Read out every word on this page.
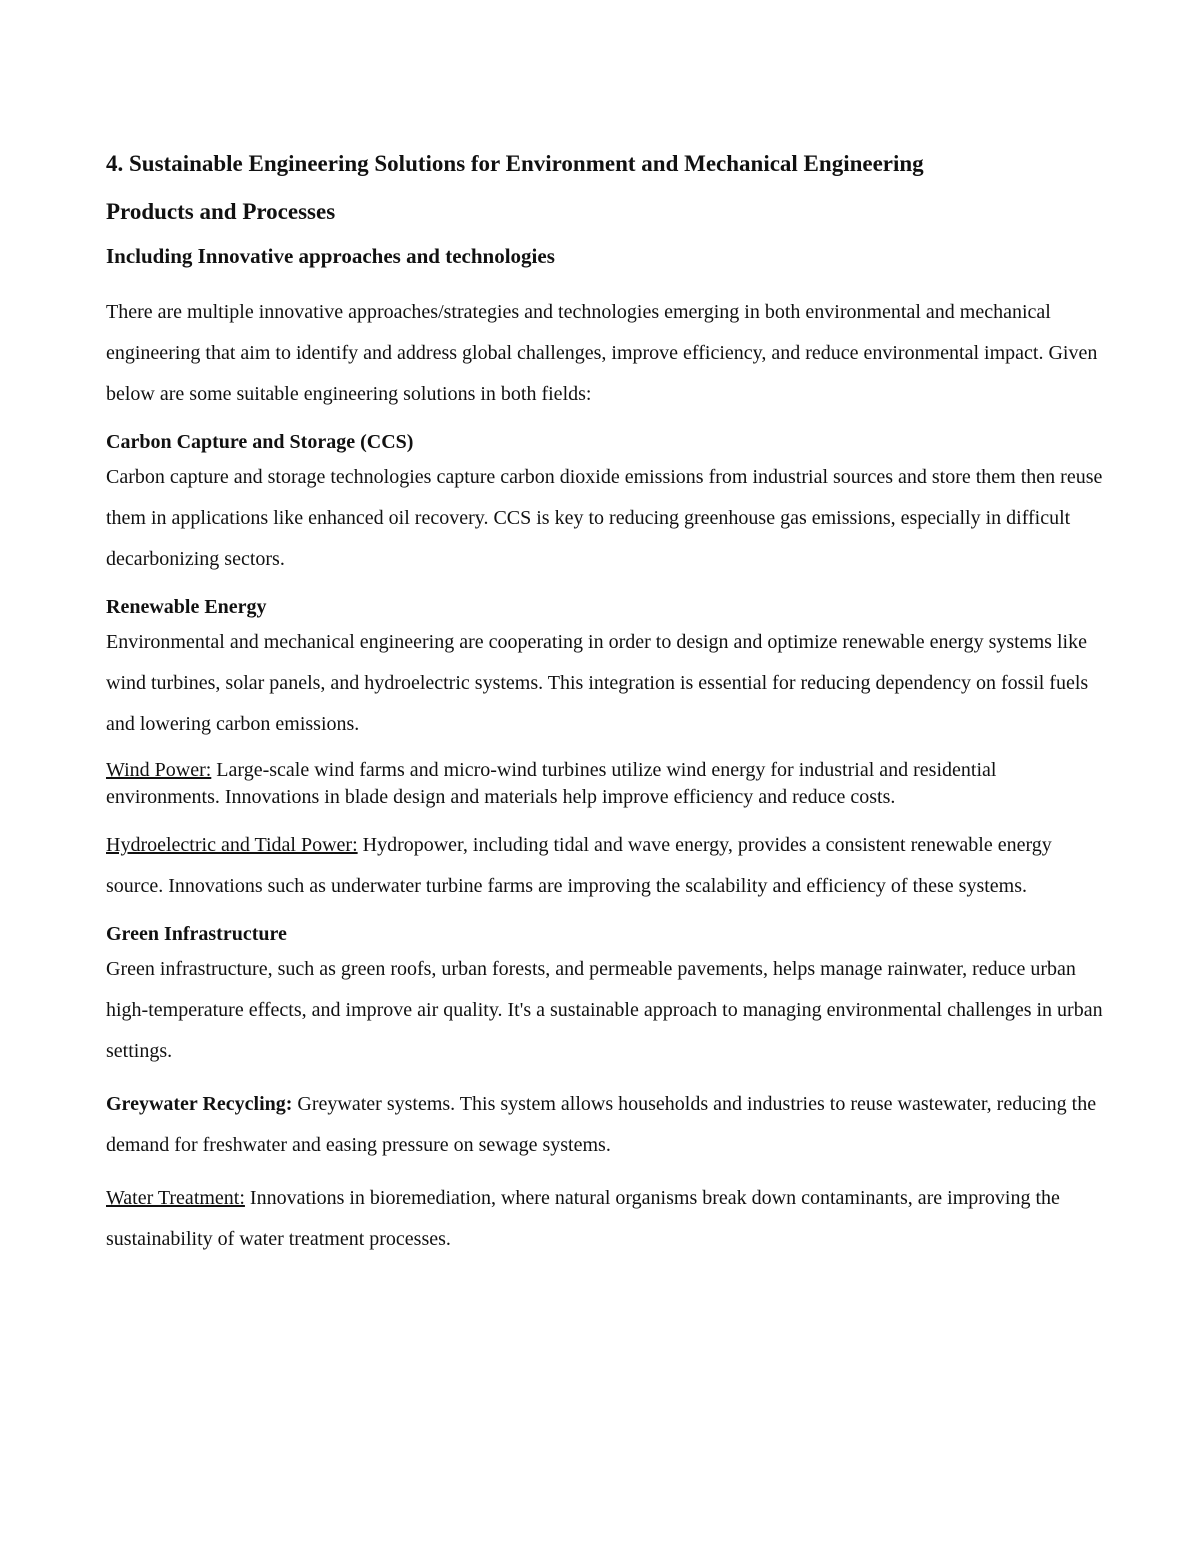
4. Sustainable Engineering Solutions for Environment and Mechanical Engineering
Products and Processes
Including Innovative approaches and technologies

There are multiple innovative approaches/strategies and technologies emerging in both environmental and mechanical engineering that aim to identify and address global challenges, improve efficiency, and reduce environmental impact. Given below are some suitable engineering solutions in both fields:

Carbon Capture and Storage (CCS)

Carbon capture and storage technologies capture carbon dioxide emissions from industrial sources and store them then reuse them in applications like enhanced oil recovery. CCS is key to reducing greenhouse gas emissions, especially in difficult decarbonizing sectors.

Renewable Energy

Environmental and mechanical engineering are cooperating in order to design and optimize renewable energy systems like wind turbines, solar panels, and hydroelectric systems. This integration is essential for reducing dependency on fossil fuels and lowering carbon emissions.

Wind Power: Large-scale wind farms and micro-wind turbines utilize wind energy for industrial and residential environments. Innovations in blade design and materials help improve efficiency and reduce costs.

Hydroelectric and Tidal Power: Hydropower, including tidal and wave energy, provides a consistent renewable energy source. Innovations such as underwater turbine farms are improving the scalability and efficiency of these systems.

Green Infrastructure

Green infrastructure, such as green roofs, urban forests, and permeable pavements, helps manage rainwater, reduce urban high-temperature effects, and improve air quality. It's a sustainable approach to managing environmental challenges in urban settings.

Greywater Recycling: Greywater systems. This system allows households and industries to reuse wastewater, reducing the demand for freshwater and easing pressure on sewage systems.

Water Treatment: Innovations in bioremediation, where natural organisms break down contaminants, are improving the sustainability of water treatment processes.
